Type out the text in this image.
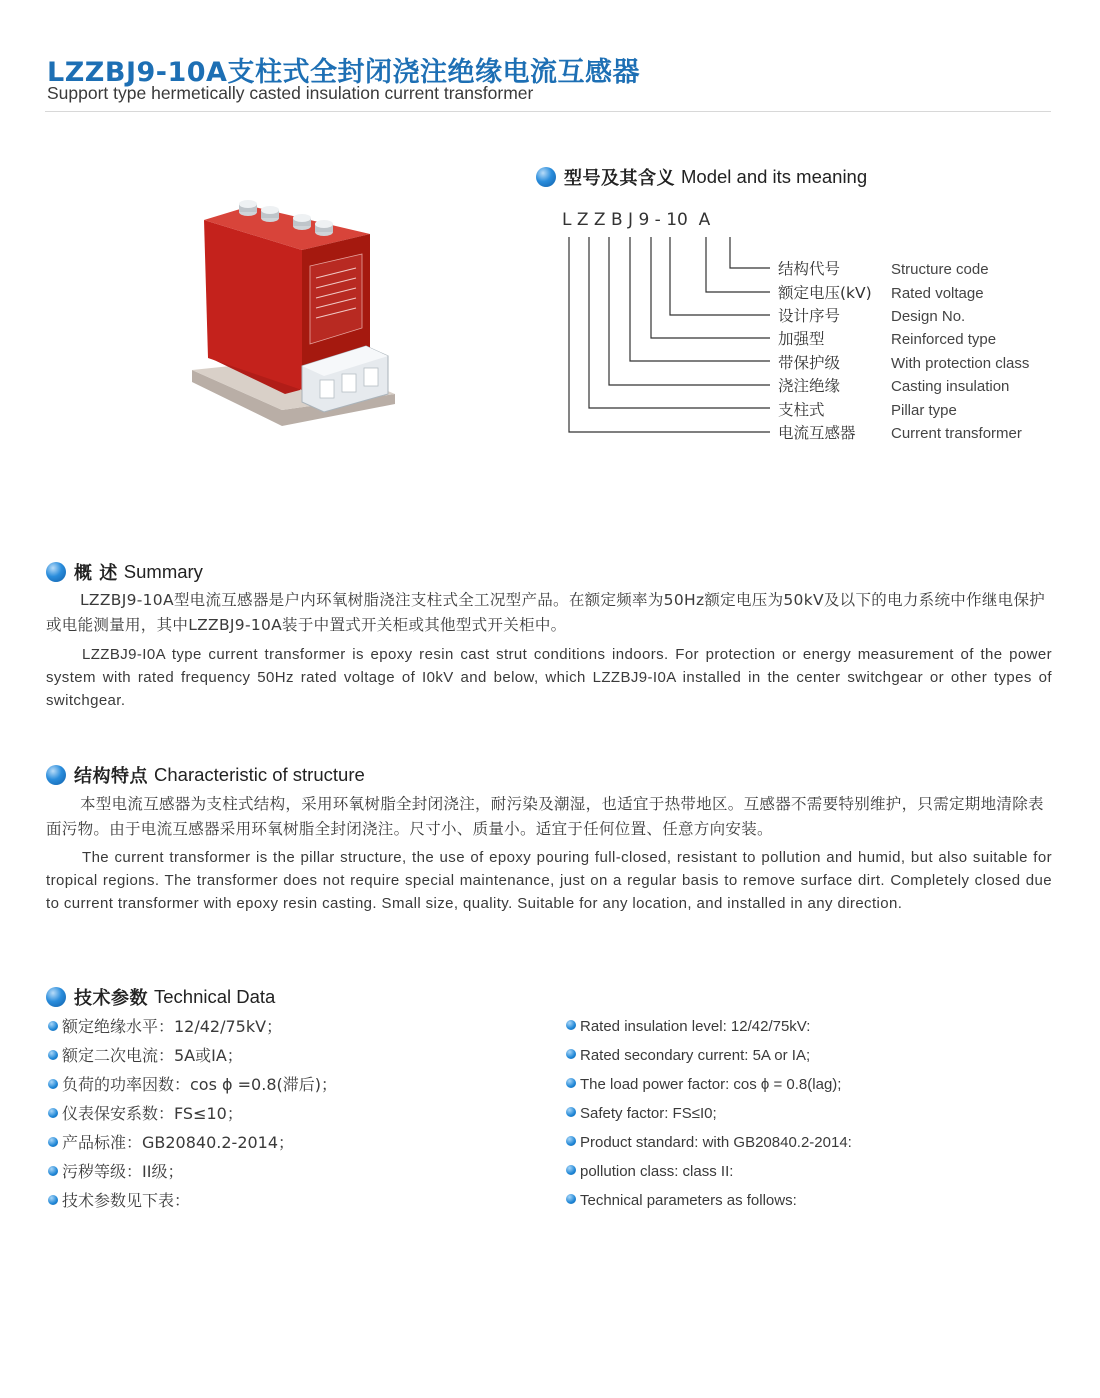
LZZBJ9-10A支柱式全封闭浇注绝缘电流互感器
Support type hermetically casted insulation current transformer
型号及其含义 Model and its meaning
L Z Z B J 9 - 10  A
结构代号	Structure code
额定电压(kV) Rated voltage
设计序号	Design No.
加强型	Reinforced type
带保护级	With protection class
浇注绝缘	Casting insulation
支柱式	Pillar type
电流互感器 Current transformer
概 述 Summary
LZZBJ9-10A型电流互感器是户内环氧树脂浇注支柱式全工况型产品。在额定频率为50Hz额定电压为50kV及以下的电力系统中作继电保护或电能测量用，其中LZZBJ9-10A装于中置式开关柜或其他型式开关柜中。
LZZBJ9-I0A type current transformer is epoxy resin cast strut conditions indoors. For protection or energy measurement of the power system with rated frequency 50Hz rated voltage of I0kV and below, which LZZBJ9-I0A installed in the center switchgear or other types of switchgear.
结构特点 Characteristic of structure
本型电流互感器为支柱式结构，采用环氧树脂全封闭浇注，耐污染及潮湿，也适宜于热带地区。互感器不需要特别维护，只需定期地清除表面污物。由于电流互感器采用环氧树脂全封闭浇注。尺寸小、质量小。适宜于任何位置、任意方向安装。
The current transformer is the pillar structure, the use of epoxy pouring full-closed, resistant to pollution and humid, but also suitable for tropical regions. The transformer does not require special maintenance, just on a regular basis to remove surface dirt. Completely closed due to current transformer with epoxy resin casting. Small size, quality. Suitable for any location, and installed in any direction.
技术参数 Technical Data
额定绝缘水平：12/42/75kV；
额定二次电流：5A或IA；
负荷的功率因数：cos ϕ =0.8(滞后)；
仪表保安系数：FS≤10；
产品标准：GB20840.2-2014；
污秽等级：II级；
技术参数见下表：
Rated insulation level: 12/42/75kV:
Rated secondary current: 5A or IA;
The load power factor: cos ϕ = 0.8(lag);
Safety factor: FS≤I0;
Product standard: with GB20840.2-2014:
pollution class: class II:
Technical parameters as follows:
